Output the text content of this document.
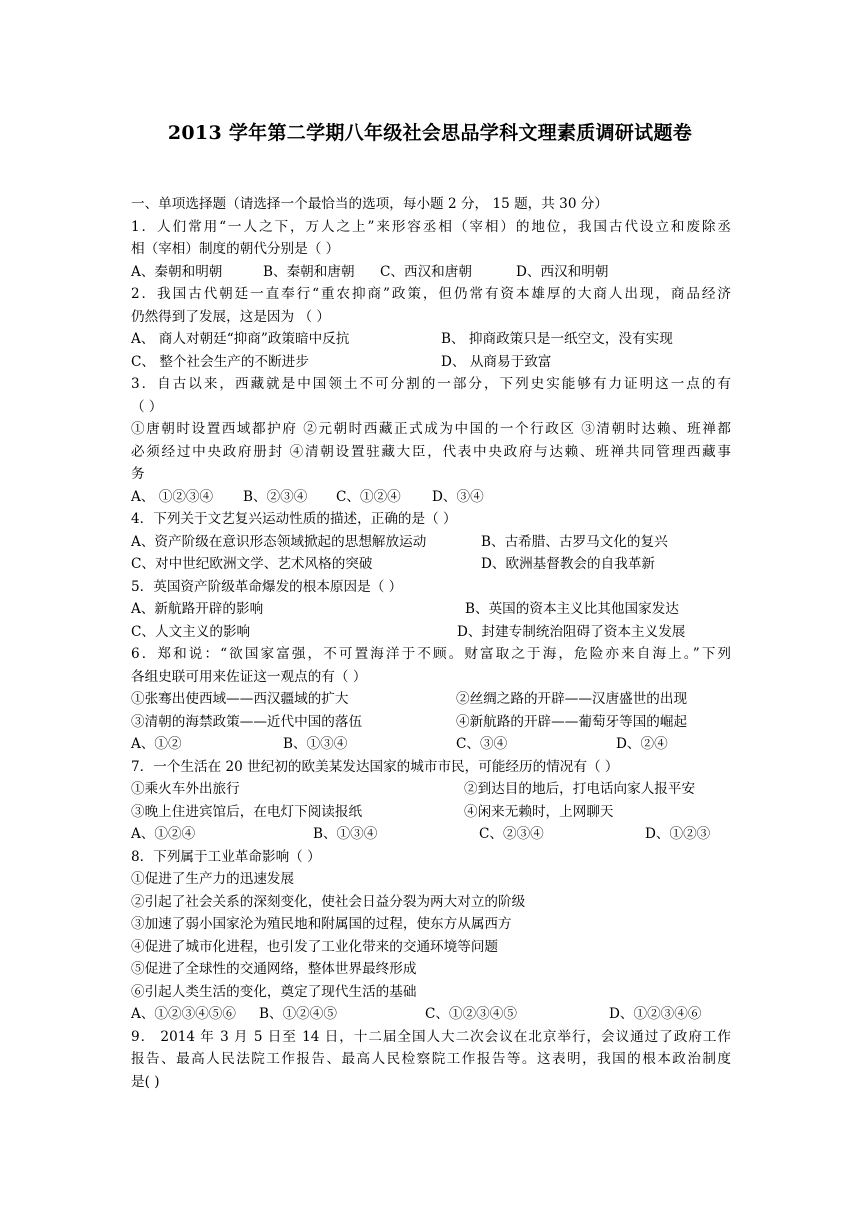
2013 学年第二学期八年级社会思品学科文理素质调研试题卷
一、单项选择题（请选择一个最恰当的选项，每小题 2 分， 15 题，共 30 分）
1．人们常用“一人之下，万人之上”来形容丞相（宰相）的地位，我国古代设立和废除丞
相（宰相）制度的朝代分别是（ ）
A、秦朝和明朝	B、秦朝和唐朝	C、西汉和唐朝	D、西汉和明朝
2．我国古代朝廷一直奉行“重农抑商”政策，但仍常有资本雄厚的大商人出现，商品经济
仍然得到了发展，这是因为 （ ）
A、 商人对朝廷“抑商”政策暗中反抗	B、 抑商政策只是一纸空文，没有实现
C、 整个社会生产的不断进步	D、 从商易于致富
3．自古以来，西藏就是中国领土不可分割的一部分，下列史实能够有力证明这一点的有
（ ）
①唐朝时设置西域都护府 ②元朝时西藏正式成为中国的一个行政区 ③清朝时达赖、班禅都
必须经过中央政府册封 ④清朝设置驻藏大臣，代表中央政府与达赖、班禅共同管理西藏事
务
A、 ①②③④	B、②③④	C、①②④	D、③④
4．下列关于文艺复兴运动性质的描述，正确的是（ ）
A、资产阶级在意识形态领域掀起的思想解放运动	B、古希腊、古罗马文化的复兴
C、对中世纪欧洲文学、艺术风格的突破	D、欧洲基督教会的自我革新
5．英国资产阶级革命爆发的根本原因是（ ）
A、新航路开辟的影响	B、英国的资本主义比其他国家发达
C、人文主义的影响	D、封建专制统治阻碍了资本主义发展
6．郑和说：“欲国家富强，不可置海洋于不顾。财富取之于海，危险亦来自海上。”下列
各组史联可用来佐证这一观点的有（ ）
①张骞出使西域——西汉疆域的扩大	②丝绸之路的开辟——汉唐盛世的出现
③清朝的海禁政策——近代中国的落伍	④新航路的开辟——葡萄牙等国的崛起
A、①②	B、①③④	C、③④	D、②④
7．一个生活在 20 世纪初的欧美某发达国家的城市市民，可能经历的情况有（ ）
①乘火车外出旅行	②到达目的地后，打电话向家人报平安
③晚上住进宾馆后，在电灯下阅读报纸	④闲来无赖时，上网聊天
A、①②④	B、①③④	C、②③④	D、①②③
8．下列属于工业革命影响（ ）
①促进了生产力的迅速发展
②引起了社会关系的深刻变化，使社会日益分裂为两大对立的阶级
③加速了弱小国家沦为殖民地和附属国的过程，使东方从属西方
④促进了城市化进程，也引发了工业化带来的交通环境等问题
⑤促进了全球性的交通网络，整体世界最终形成
⑥引起人类生活的变化，奠定了现代生活的基础
A、①②③④⑤⑥	B、①②④⑤	C、①②③④⑤	D、①②③④⑥
9． 2014 年 3 月 5 日至 14 日，十二届全国人大二次会议在北京举行，会议通过了政府工作
报告、最高人民法院工作报告、最高人民检察院工作报告等。这表明，我国的根本政治制度
是( )
